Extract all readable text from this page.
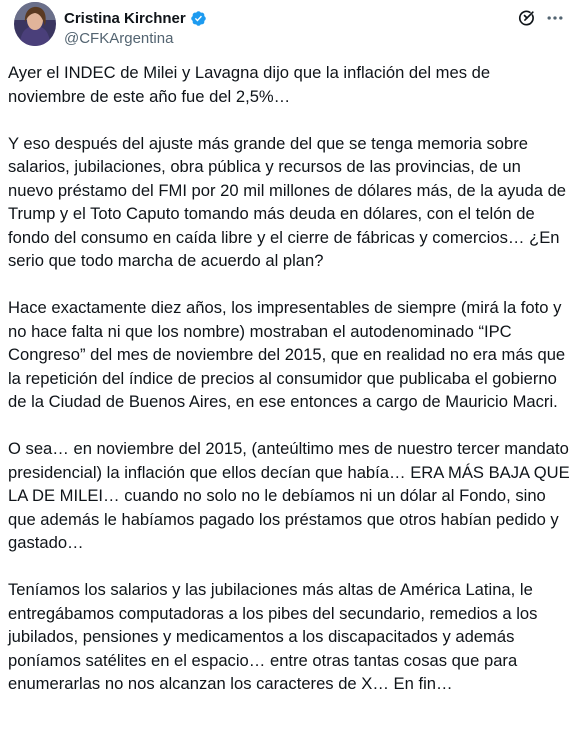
Cristina Kirchner
@CFKArgentina

Ayer el INDEC de Milei y Lavagna dijo que la inflación del mes de noviembre de este año fue del 2,5%…

Y eso después del ajuste más grande del que se tenga memoria sobre salarios, jubilaciones, obra pública y recursos de las provincias, de un nuevo préstamo del FMI por 20 mil millones de dólares más, de la ayuda de Trump y el Toto Caputo tomando más deuda en dólares, con el telón de fondo del consumo en caída libre y el cierre de fábricas y comercios… ¿En serio que todo marcha de acuerdo al plan?

Hace exactamente diez años, los impresentables de siempre (mirá la foto y no hace falta ni que los nombre) mostraban el autodenominado “IPC Congreso” del mes de noviembre del 2015, que en realidad no era más que la repetición del índice de precios al consumidor que publicaba el gobierno de la Ciudad de Buenos Aires, en ese entonces a cargo de Mauricio Macri.

O sea… en noviembre del 2015, (anteúltimo mes de nuestro tercer mandato presidencial) la inflación que ellos decían que había… ERA MÁS BAJA QUE LA DE MILEI… cuando no solo no le debíamos ni un dólar al Fondo, sino que además le habíamos pagado los préstamos que otros habían pedido y gastado…

Teníamos los salarios y las jubilaciones más altas de América Latina, le entregábamos computadoras a los pibes del secundario, remedios a los jubilados, pensiones y medicamentos a los discapacitados y además poníamos satélites en el espacio… entre otras tantas cosas que para enumerarlas no nos alcanzan los caracteres de X… En fin…
